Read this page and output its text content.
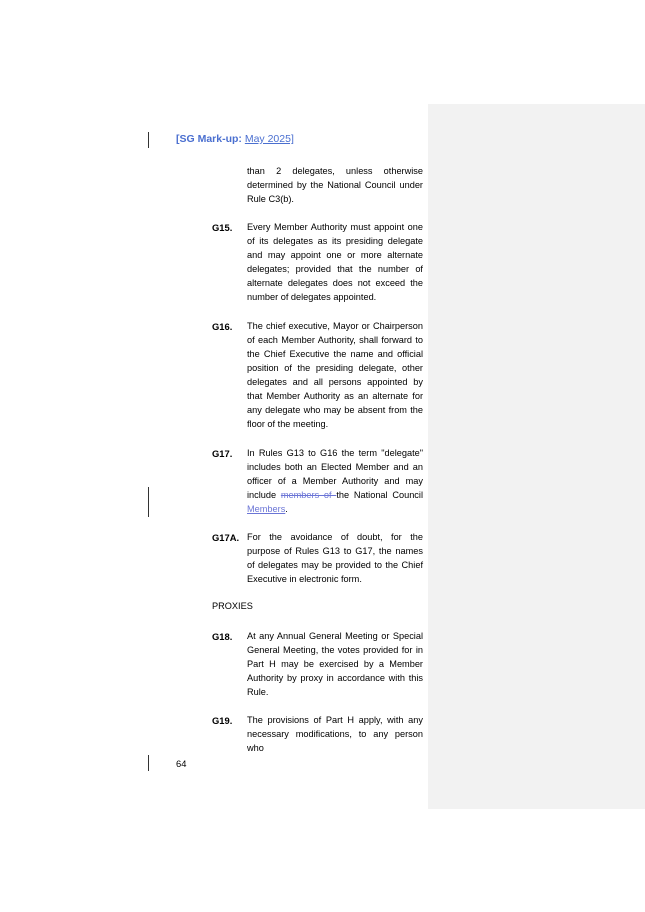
[SG Mark-up: May 2025]
than 2 delegates, unless otherwise determined by the National Council under Rule C3(b).
G15. Every Member Authority must appoint one of its delegates as its presiding delegate and may appoint one or more alternate delegates; provided that the number of alternate delegates does not exceed the number of delegates appointed.
G16. The chief executive, Mayor or Chairperson of each Member Authority, shall forward to the Chief Executive the name and official position of the presiding delegate, other delegates and all persons appointed by that Member Authority as an alternate for any delegate who may be absent from the floor of the meeting.
G17. In Rules G13 to G16 the term "delegate" includes both an Elected Member and an officer of a Member Authority and may include members of the National Council Members.
G17A. For the avoidance of doubt, for the purpose of Rules G13 to G17, the names of delegates may be provided to the Chief Executive in electronic form.
PROXIES
G18. At any Annual General Meeting or Special General Meeting, the votes provided for in Part H may be exercised by a Member Authority by proxy in accordance with this Rule.
G19. The provisions of Part H apply, with any necessary modifications, to any person who
64
